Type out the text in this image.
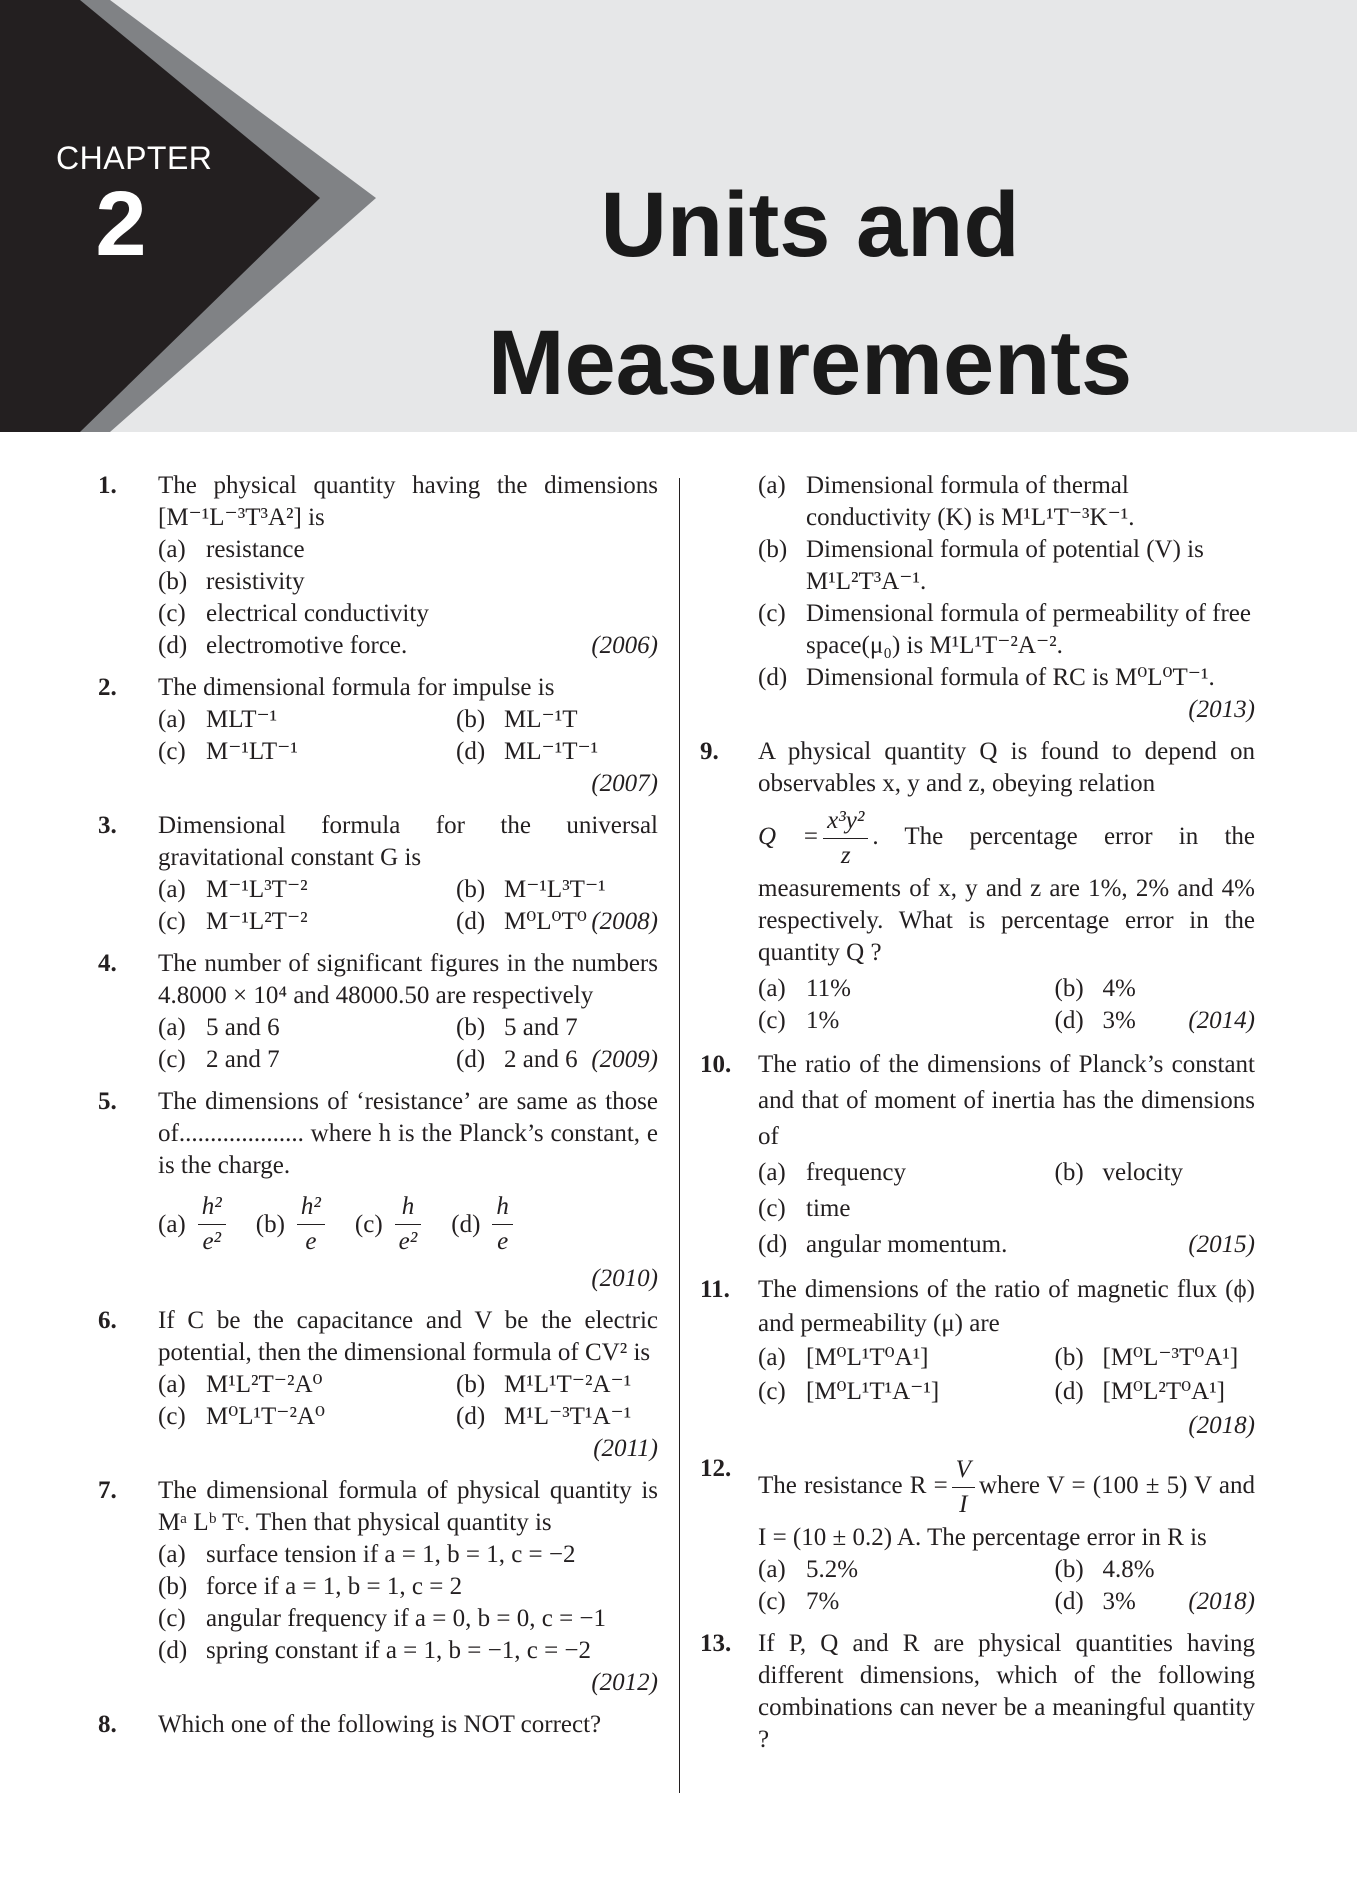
CHAPTER
2	Units and
Measurements
1. The physical quantity having the dimensions [M⁻¹L⁻³T³A²] is

(a) resistance
(b) resistivity
(c) electrical conductivity
(d) electromotive force.	(2006)
2. The dimensional formula for impulse is

(a) MLT⁻¹	(b) ML⁻¹T
(c) M⁻¹LT⁻¹	(d) ML⁻¹T⁻¹
(2007)
3. Dimensional formula for the universal gravitational constant G is

(a) M⁻¹L³T⁻²	(b) M⁻¹L³T⁻¹
(c) M⁻¹L²T⁻²	(d) M⁰L⁰T⁰ (2008)
4. The number of significant figures in the numbers 4.8000 × 10⁴ and 48000.50 are respectively

(a) 5 and 6	(b) 5 and 7
(c) 2 and 7	(d) 2 and 6 (2009)
5. The dimensions of ‘resistance’ are same as those of.................... where h is the Planck’s constant, e is the charge.

$(a) \frac{\text{h²}}{\text{e²}} (b) \frac{\text{h²}}{e} (c) \frac{h}{\text{e²}} (d) \frac{h}{e}$
(2010)
6. If C be the capacitance and V be the electric potential, then the dimensional formula of CV² is

(a) M¹L²T⁻²A⁰	(b) M¹L¹T⁻²A⁻¹
(c) M⁰L¹T⁻²A⁰	(d) M¹L⁻³T¹A⁻¹
(2011)
7. The dimensional formula of physical quantity is Mᵃ Lᵇ Tᶜ. Then that physical quantity is

(a) surface tension if a = 1, b = 1, c = −2
(b) force if a = 1, b = 1, c = 2
(c) angular frequency if a = 0, b = 0, c = −1
(d) spring constant if a = 1, b = −1, c = −2
(2012)
8. Which one of the following is NOT correct?

(a) Dimensional formula of thermal conductivity (K) is M¹L¹T⁻³K⁻¹.
(b) Dimensional formula of potential (V) is M¹L²T³A⁻¹.
(c) Dimensional formula of permeability of free space(μ₀) is M¹L¹T⁻²A⁻².
(d) Dimensional formula of RC is M⁰L⁰T⁻¹.
(2013)
9. A physical quantity Q is found to depend on observables x, y and z, obeying relation

$Q = \frac{\text{x³y²}}{z}$ . The percentage error in the measurements of x, y and z are 1%, 2% and 4% respectively. What is percentage error in the quantity Q ?

(a) 11%	(b) 4%
(c) 1%	(d) 3% (2014)
10. The ratio of the dimensions of Planck’s constant and that of moment of inertia has the dimensions of

(a) frequency	(b) velocity
(c) time
(d) angular momentum.	(2015)
11. The dimensions of the ratio of magnetic flux (ϕ) and permeability (μ) are

(a) [M⁰L¹T⁰A¹]	(b) [M⁰L⁻³T⁰A¹]
(c) [M⁰L¹T¹A⁻¹]	(d) [M⁰L²T⁰A¹]
(2018)
12.

The resistance $R = \frac{V}{I}$ where V = (100 ± 5) V and I = (10 ± 0.2) A. The percentage error in R is

(a) 5.2%	(b) 4.8%
(c) 7%	(d) 3% (2018)
13. If P, Q and R are physical quantities having different dimensions, which of the following combinations can never be a meaningful quantity ?
